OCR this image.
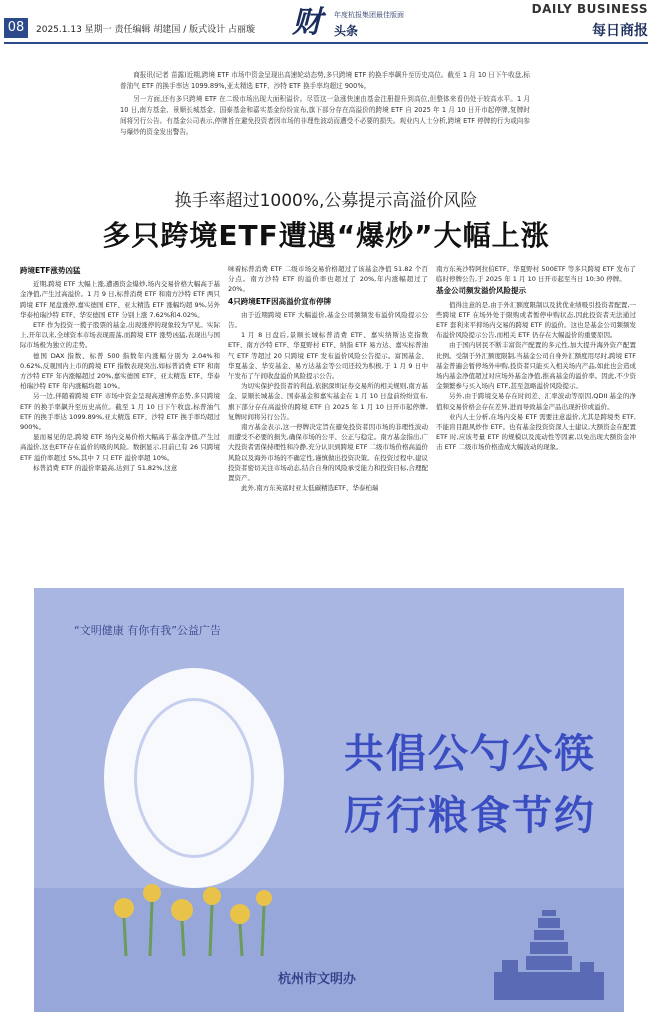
08	2025.1.13 星期一 责任编辑 胡建国 / 版式设计 占丽璇 财 年度杭报集团最佳版面
头条
DAILY BUSINESS
每日商报

商报讯(记者 苗露)近期,跨境 ETF 市场中资金呈现出高速轮动态势,多只跨境 ETF 的换手率飙升至历史高位。截至 1 月 10 日下午收盘,标普油气 ETF 的换手率达 1099.89%,亚太精选 ETF、沙特 ETF 换手率均超过 900%。

另一方面,还有多只跨境 ETF 在二级市场出现大面积溢价。尽管这一急涨快速由基金注册提升到高位,但整体来看仍处于较高水平。1 月 10 日,南方基金、景顺长城基金、国泰基金和嘉实基金纷纷宣布,旗下部分存在高溢价的跨境 ETF 自 2025 年 1 月 10 日开市起停牌,复牌时间将另行公告。有基金公司表示,停牌旨在避免投资者因市场的非理性波动而遭受不必要的损失。观业内人士分析,跨境 ETF 停牌的行为或向参与爆炒的资金发出警告。

换手率超过1000%,公募提示高溢价风险
多只跨境ETF遭遇“爆炒”大幅上涨
跨境ETF涨势凶猛

近期,跨境 ETF 大幅上涨,遭遇资金爆炒,场内交易价格大幅高于基金净值,产生过高溢价。1 月 9 日,标普消费 ETF 和南方沙特 ETF 两只跨境 ETF 尾盘涨停,嘉实德国 ETF、亚太精选 ETF 涨幅均超 9%,另外华泰柏瑞沙特 ETF、华安德国 ETF 分别上涨 7.62%和4.02%。

ETF 作为投资一揽子股票的基金,出现涨停的现象较为罕见。实际上,开年以来,全球资本市场表现震荡,而跨境 ETF 涨势凶猛,表现出与国际市场极为独立的走势。

德国 DAX 指数、标普 500 指数年内涨幅分别为 2.04%和0.62%,反观国内上市的跨境 ETF 指数表现突出,如标普消费 ETF 和南方沙特 ETF 年内涨幅超过 20%,嘉实德国 ETF、亚太精选 ETF、华泰柏瑞沙特 ETF 年内涨幅均超 10%。

另一边,伴随着跨境 ETF 市场中资金呈现高速博弈态势,多只跨境 ETF 的换手率飙升至历史高位。截至 1 月 10 日下午收盘,标普油气 ETF 的换手率达 1099.89%,亚太精选 ETF、沙特 ETF 换手率均超过 900%。

显而易见的是,跨境 ETF 场内交易价格大幅高于基金净值,产生过高溢价,这也ETF存在溢价的吸的风险。数据显示,目前已有 26 只跨境 ETF 溢价率超过 5%,其中 7 只 ETF 溢价率超 10%。

标普消费 ETF 的溢价率最高,达到了 51.82%,这意

味着标普消费 ETF 二级市场交易价格超过了该基金净值 51.82 个百分点。南方沙特 ETF 的溢价率也超过了 20%,年内涨幅超过了 20%。

4只跨境ETF因高溢价宣布停牌

由于近期跨境 ETF 大幅溢价,基金公司频频发布溢价风险提示公告。

1 月 8 日盘后,景顺长城标普消费 ETF、嘉实纳斯达克指数 ETF、南方沙特 ETF、华夏野村 ETF、纳指 ETF 易方达、嘉实标普油气 ETF 等超过 20 只跨境 ETF 发布溢价风险公告提示。富国基金、华夏基金、华安基金、易方达基金等公司还较为积极,于 1 月 9 日中午发布了午间收盘溢价风险提示公告。

为切实保护投资者的利益,依据深圳证券交易所的相关规则,南方基金、景顺长城基金、国泰基金和嘉实基金在 1 月 10 日盘前纷纷宣布,旗下部分存在高溢价的跨境 ETF 自 2025 年 1 月 10 日开市起停牌,复牌时间将另行公告。

南方基金表示,这一停牌决定旨在避免投资者因市场的非理性波动而遭受不必要的损失,确保市场的公平、公正与稳定。南方基金指出,广大投资者需保持理性和冷静,充分认识到跨境 ETF 二级市场价格高溢价风险以及海外市场的不确定性,谨慎做出投资决策。在投资过程中,建议投资者密切关注市场动态,结合自身的风险承受能力和投资目标,合理配置资产。

此外,南方东英富时亚太低碳精选ETF、华泰柏瑞

南方东英沙特阿拉伯ETF、华夏野村 500ETF 等多只跨境 ETF 发布了临时停牌公告,于 2025 年 1 月 10 日开市起至当日 10:30 停牌。

基金公司频发溢价风险提示

值得注意的是,由于外汇额度限制以及犹优业绩吸引投资者配置,一些跨境 ETF 在场外处于限购或者暂停申购状态,因此投资者无法通过 ETF 套利来平抑场内交易的跨境 ETF 的溢价。这也是基金公司频频发布溢价风险提示公告,而相关 ETF 仍存在大幅溢价的重要原因。

由于国内居民不断丰富资产配置的多元性,加大提升海外资产配置比例。受制于外汇额度限制,当基金公司自身外汇额度用尽时,跨境 ETF 基金普遍会暂停场外申购,投资者只能买入相关场内产品,如此也会造成场内基金净值超过对应场外基金净值,推高基金的溢价率。因此,不少资金频繁参与买入场内 ETF,甚至忽略溢价风险提示。

另外,由于跨境交易存在时间差、汇率波动等原因,QDII 基金的净值和交易价格会存在差异,进而导致基金产品出现折价或溢价。

业内人士分析,在场内交易 ETF 需要注意溢价,尤其是跨境类 ETF,不能盲目跟风炒作 ETF。也有基金投资资深人士建议,大额资金在配置 ETF 时,应该考量 ETF 的规模以及流动性等因素,以免出现大额资金冲击 ETF 二级市场价格造成大幅波动的现象。

“文明健康 有你有我”公益广告
共倡公勺公筷
厉行粮食节约
杭州市文明办
